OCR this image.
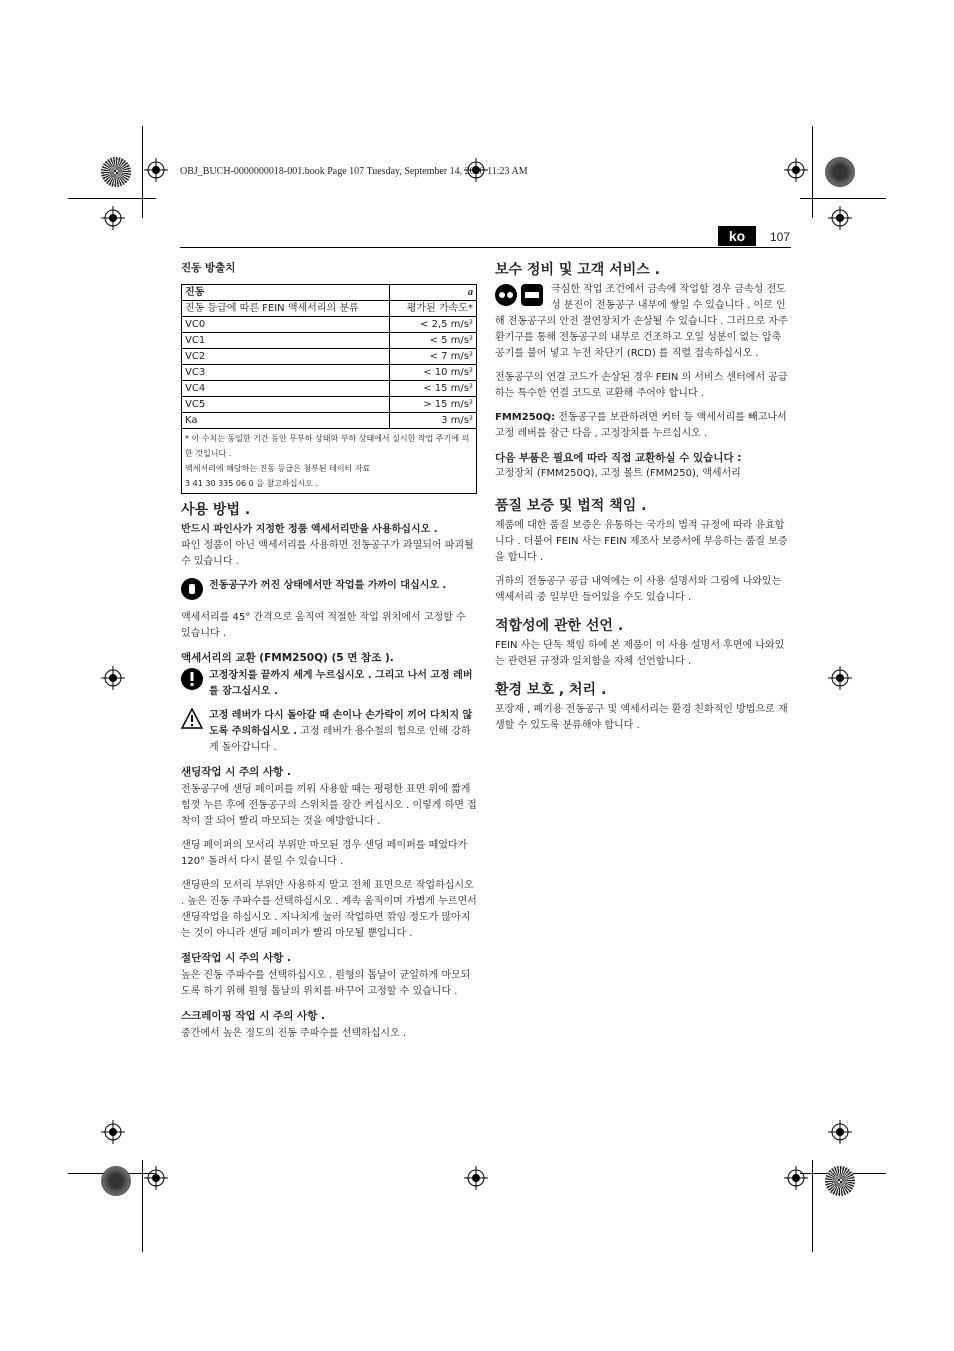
OBJ_BUCH-0000000018-001.book Page 107 Tuesday, September 14, 2010 11:23 AM
ko	107
진동 방출치
진동	a
진동 등급에 따른 FEIN 액세서리의 분류	평가된 가속도*
VC0	< 2,5 m/s²
VC1	< 5 m/s²
VC2	< 7 m/s²
VC3	< 10 m/s²
VC4	< 15 m/s²
VC5	> 15 m/s²
Ka	3 m/s²

* 이 수치는 동일한 기간 동안 무부하 상태와 부하 상태에서 실시한 작업 주기에 의한 것입니다 .
액세서리에 해당하는 진동 등급은 첨부된 데이터 자료
3 41 30 335 06 0 을 참고하십시오 .	
사용 방법 .

반드시 파인사가 지정한 정품 액세서리만을 사용하십시오 .
파인 정품이 아닌 액세서리를 사용하면 전동공구가 과열되어 파괴될 수 있습니다 .

전동공구가 꺼진 상태에서만 작업를 가까이 대십시오 .

액세서리를 45° 간격으로 움직여 적절한 작업 위치에서 고정할 수 있습니다 .

액세서리의 교환 (FMM250Q) (5 면 참조 ).
고정장치를 끝까지 세게 누르십시오 . 그리고 나서 고정 레버를 잠그십시오 .
고정 레버가 다시 돌아갈 때 손이나 손가락이 끼어 다치지 않도록 주의하십시오 . 고정 레버가 용수철의 힘으로 인해 강하게 돌아갑니다 .
샌딩작업 시 주의 사항 .

전동공구에 샌딩 페이퍼를 끼워 사용할 때는 평평한 표면 위에 짧게 힘껏 누른 후에 전동공구의 스위치를 잠간 켜십시오 . 이렇게 하면 접착이 잘 되어 빨리 마모되는 것을 예방합니다 .

샌딩 페이퍼의 모서리 부위만 마모된 경우 샌딩 페이퍼를 떼었다가 120° 돌려서 다시 붙일 수 있습니다 .

샌딩판의 모서리 부위만 사용하지 말고 전체 표면으로 작업하십시오 . 높은 진동 주파수를 선택하십시오 . 계속 움직이며 가볍게 누르면서 샌딩작업을 하십시오 . 지나치게 눌러 작업하면 깎임 정도가 많아지는 것이 아니라 샌딩 페이퍼가 빨리 마모될 뿐입니다 .

절단작업 시 주의 사항 .

높은 진동 주파수를 선택하십시오 . 원형의 톱날이 균일하게 마모되도록 하기 위해 원형 톱날의 위치를 바꾸어 고정할 수 있습니다 .

스크레이핑 작업 시 주의 사항 .

중간에서 높은 정도의 진동 주파수를 선택하십시오 .

보수 정비 및 고객 서비스 .

극심한 작업 조건에서 금속에 작업할 경우 금속성 전도성 분진이 전동공구 내부에 쌓일 수 있습니다 . 이로 인해 전동공구의 안전 절연장치가 손상될 수 있습니다 . 그러므로 자주 환기구를 통해 전동공구의 내부로 건조하고 오일 성분이 없는 압축 공기를 불어 넣고 누전 차단기 (RCD) 를 직렬 접속하십시오 .

전동공구의 연결 코드가 손상된 경우 FEIN 의 서비스 센터에서 공급하는 특수한 연결 코드로 교환해 주어야 합니다 .

FMM250Q: 전동공구를 보관하려면 커터 등 액세서리를 빼고나서 고정 레버를 잠근 다음 , 고정장치를 누르십시오 .

다음 부품은 필요에 따라 직접 교환하실 수 있습니다 :

고정장치 (FMM250Q), 고정 볼트 (FMM250), 액세서리

품질 보증 및 법적 책임 .

제품에 대한 품질 보증은 유통하는 국가의 법적 규정에 따라 유효합니다 . 더불어 FEIN 사는 FEIN 제조사 보증서에 부응하는 품질 보증을 합니다 .

귀하의 전동공구 공급 내역에는 이 사용 설명서와 그림에 나와있는 액세서리 중 일부만 들어있을 수도 있습니다 .

적합성에 관한 선언 .

FEIN 사는 단독 책임 하에 본 제품이 이 사용 설명서 후면에 나와있는 관련된 규정과 일치함을 자체 선언합니다 .

환경 보호 , 처리 .

포장재 , 폐기용 전동공구 및 액세서리는 환경 친화적인 방법으로 재생할 수 있도록 분류해야 합니다 .
